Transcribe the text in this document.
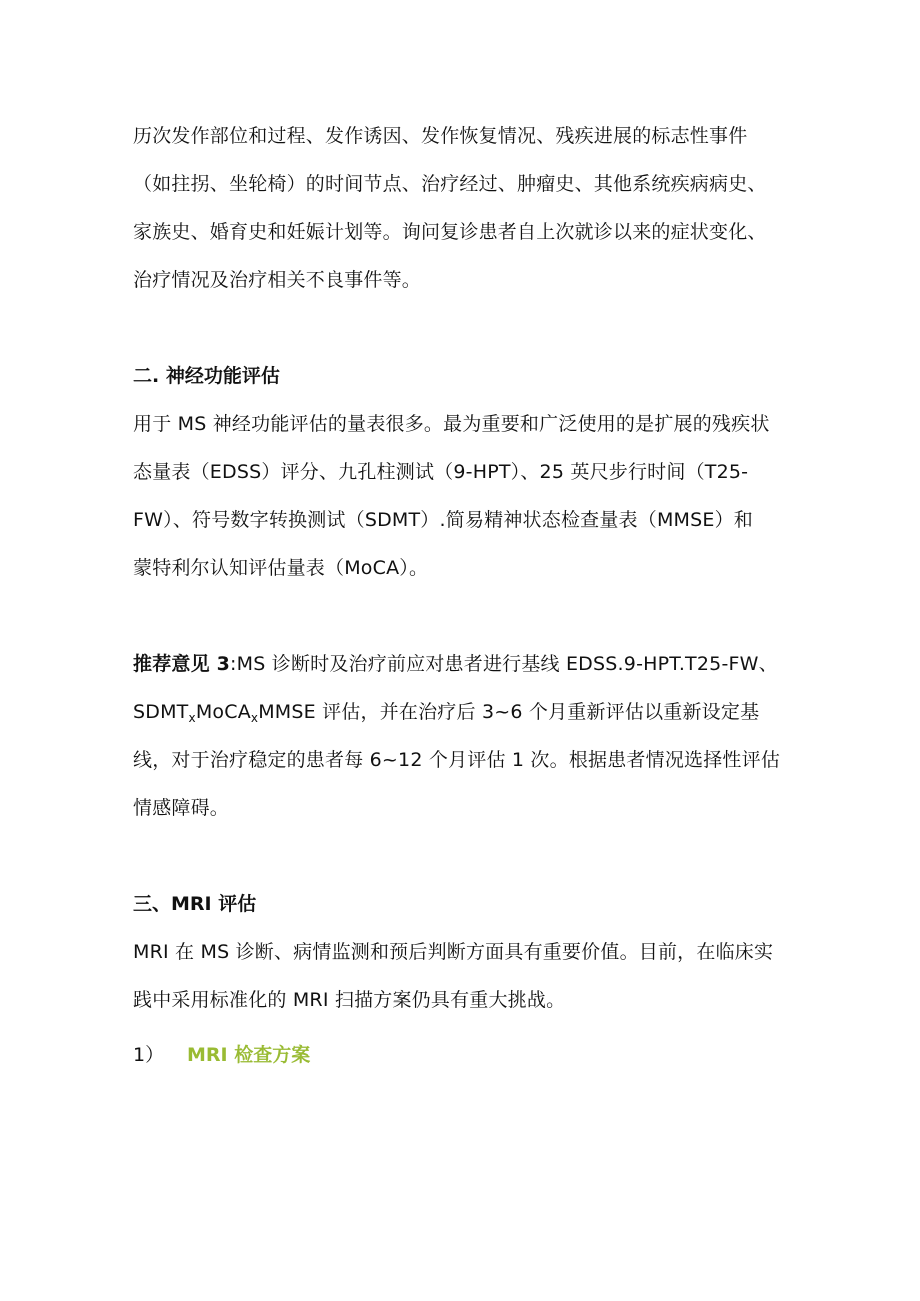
历次发作部位和过程、发作诱因、发作恢复情况、残疾进展的标志性事件
（如拄拐、坐轮椅）的时间节点、治疗经过、肿瘤史、其他系统疾病病史、
家族史、婚育史和妊娠计划等。询问复诊患者自上次就诊以来的症状变化、
治疗情况及治疗相关不良事件等。
二. 神经功能评估
用于 MS 神经功能评估的量表很多。最为重要和广泛使用的是扩展的残疾状
态量表（EDSS）评分、九孔柱测试（9-HPT）、25 英尺步行时间（T25-
FW）、符号数字转换测试（SDMT）.简易精神状态检查量表（MMSE）和
蒙特利尔认知评估量表（MoCA）。
推荐意见 3:MS 诊断时及治疗前应对患者进行基线 EDSS.9-HPT.T25-FW、
$SDMT_xMoCA_xMMSE$ 评估，并在治疗后 3~6 个月重新评估以重新设定基
线，对于治疗稳定的患者每 6~12 个月评估 1 次。根据患者情况选择性评估
情感障碍。
三、MRI 评估
MRI 在 MS 诊断、病情监测和预后判断方面具有重要价值。目前，在临床实
践中采用标准化的 MRI 扫描方案仍具有重大挑战。
1） MRI 检查方案
